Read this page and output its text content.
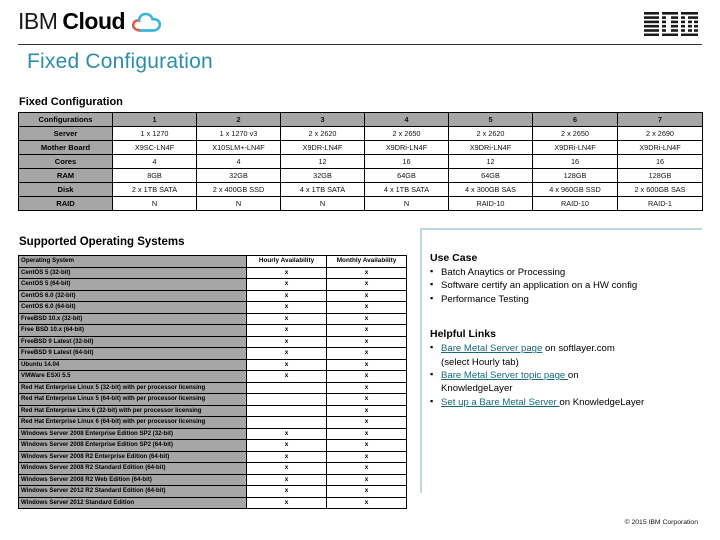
IBM Cloud
Fixed Configuration
Fixed Configuration
Configurations	1	2	3	4	5	6	7
Server	1 x 1270	1 x 1270 v3	2 x 2620	2 x 2650	2 x 2620	2 x 2650	2 x 2690
Mother Board	X9SC-LN4F	X10SLM+-LN4F	X9DR-LN4F	X9DRi-LN4F	X9DRi-LN4F	X9DRi-LN4F	X9DRi-LN4F
Cores	4	4	12	16	12	16	16
RAM	8GB	32GB	32GB	64GB	64GB	128GB	128GB
Disk	2 x 1TB SATA	2 x 400GB SSD	4 x 1TB SATA	4 x 1TB SATA	4 x 300GB SAS	4 x 960GB SSD	2 x 600GB SAS
RAID	N	N	N	N	RAID-10	RAID-10	RAID-1
Supported Operating Systems
Operating System	Hourly Availability	Monthly Availability
CentOS 5 (32-bit)	x	x
CentOS 5 (64-bit)	x	x
CentOS 6.0 (32-bit)	x	x
CentOS 6.0 (64-bit)	x	x
FreeBSD 10.x (32-bit)	x	x
Free BSD 10.x (64-bit)	x	x
FreeBSD 9 Latest (32-bit)	x	x
FreeBSD 9 Latest (64-bit)	x	x
Ubuntu 14.04	x	x
VMWare ESXi 5.5	x	x
Red Hat Enterprise Linux 5 (32-bit) with per processor licensing		x
Red Hat Enterprise Linux 5 (64-bit) with per processor licensing		x
Red Hat Enterprise Linx 6 (32-bit) with per processor licensing		x
Red Hat Enterprise Linux 6 (64-bit) with per processor licensing		x
Windows Server 2008 Enterprise Edition SP2 (32-bit)	x	x
Windows Server 2008 Enterprise Edition SP2 (64-bit)	x	x
Windows Server 2008 R2 Enterprise Edition (64-bit)	x	x
Windows Server 2008 R2 Standard Edition (64-bit)	x	x
Windows Server 2008 R2 Web Edition (64-bit)	x	x
Windows Server 2012 R2 Standard Edition (64-bit)	x	x
Windows Server 2012 Standard Edition	x	x
Use Case
▪ Batch Anaytics or Processing
▪ Software certify an application on a HW config
▪ Performance Testing
Helpful Links
▪ Bare Metal Server page on softlayer.com
(select Hourly tab)
▪ Bare Metal Server topic page on
KnowledgeLayer
▪ Set up a Bare Metal Server on KnowledgeLayer
© 2015 IBM Corporation
